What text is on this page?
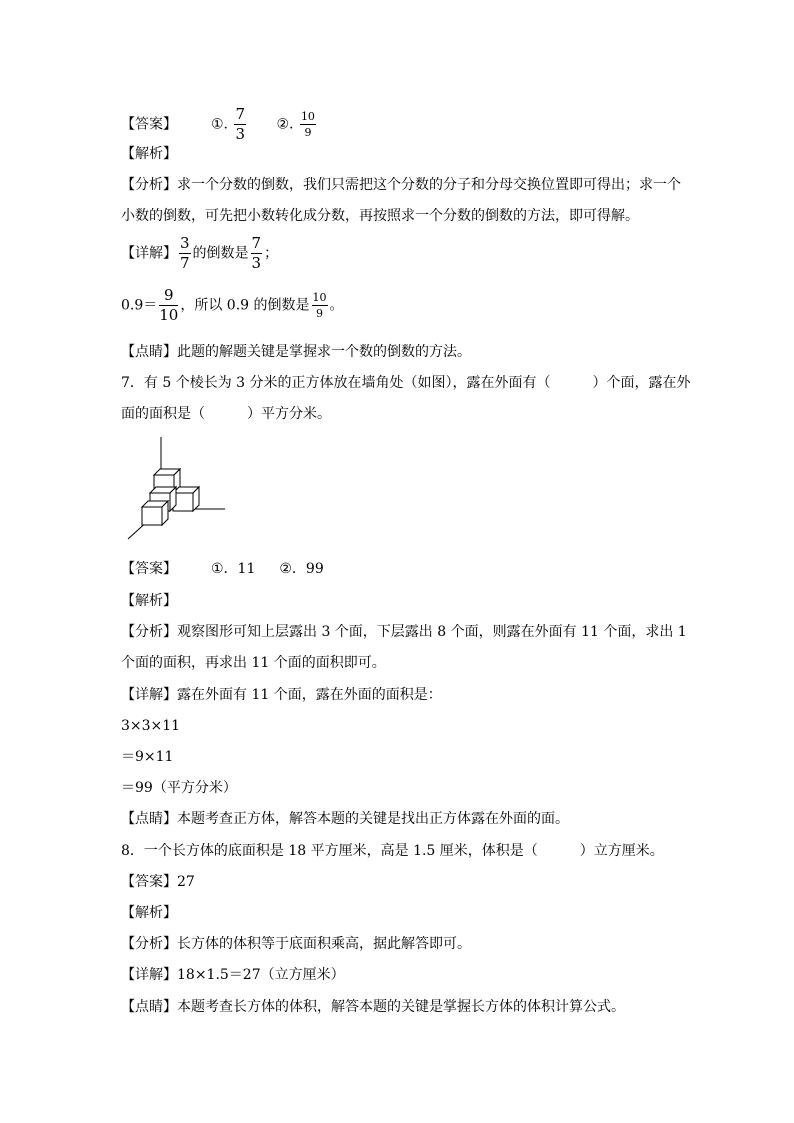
【答案】 ①. $\frac{7}{3}$ ②. $\frac{10}{9}$
【解析】
【分析】求一个分数的倒数，我们只需把这个分数的分子和分母交换位置即可得出；求一个
小数的倒数，可先把小数转化成分数，再按照求一个分数的倒数的方法，即可得解。
【详解】 $\frac{3}{7}$ 的倒数是 $\frac{7}{3}$ ；
$0.9= \frac{9}{10}$ ，所以 0.9 的倒数是 $\frac{10}{9}$ 。
【点睛】此题的解题关键是掌握求一个数的倒数的方法。
7．有 5 个棱长为 3 分米的正方体放在墙角处（如图），露在外面有（　　　）个面，露在外
面的面积是（　　　）平方分米。
【答案】 ①．11 ②．99
【解析】
【分析】观察图形可知上层露出 3 个面，下层露出 8 个面，则露在外面有 11 个面，求出 1
个面的面积，再求出 11 个面的面积即可。
【详解】露在外面有 11 个面，露在外面的面积是：
3×3×11
＝9×11
＝99（平方分米）
【点睛】本题考查正方体，解答本题的关键是找出正方体露在外面的面。
8．一个长方体的底面积是 18 平方厘米，高是 1.5 厘米，体积是（　　　）立方厘米。
【答案】27
【解析】
【分析】长方体的体积等于底面积乘高，据此解答即可。
【详解】18×1.5＝27（立方厘米）
【点睛】本题考查长方体的体积，解答本题的关键是掌握长方体的体积计算公式。
